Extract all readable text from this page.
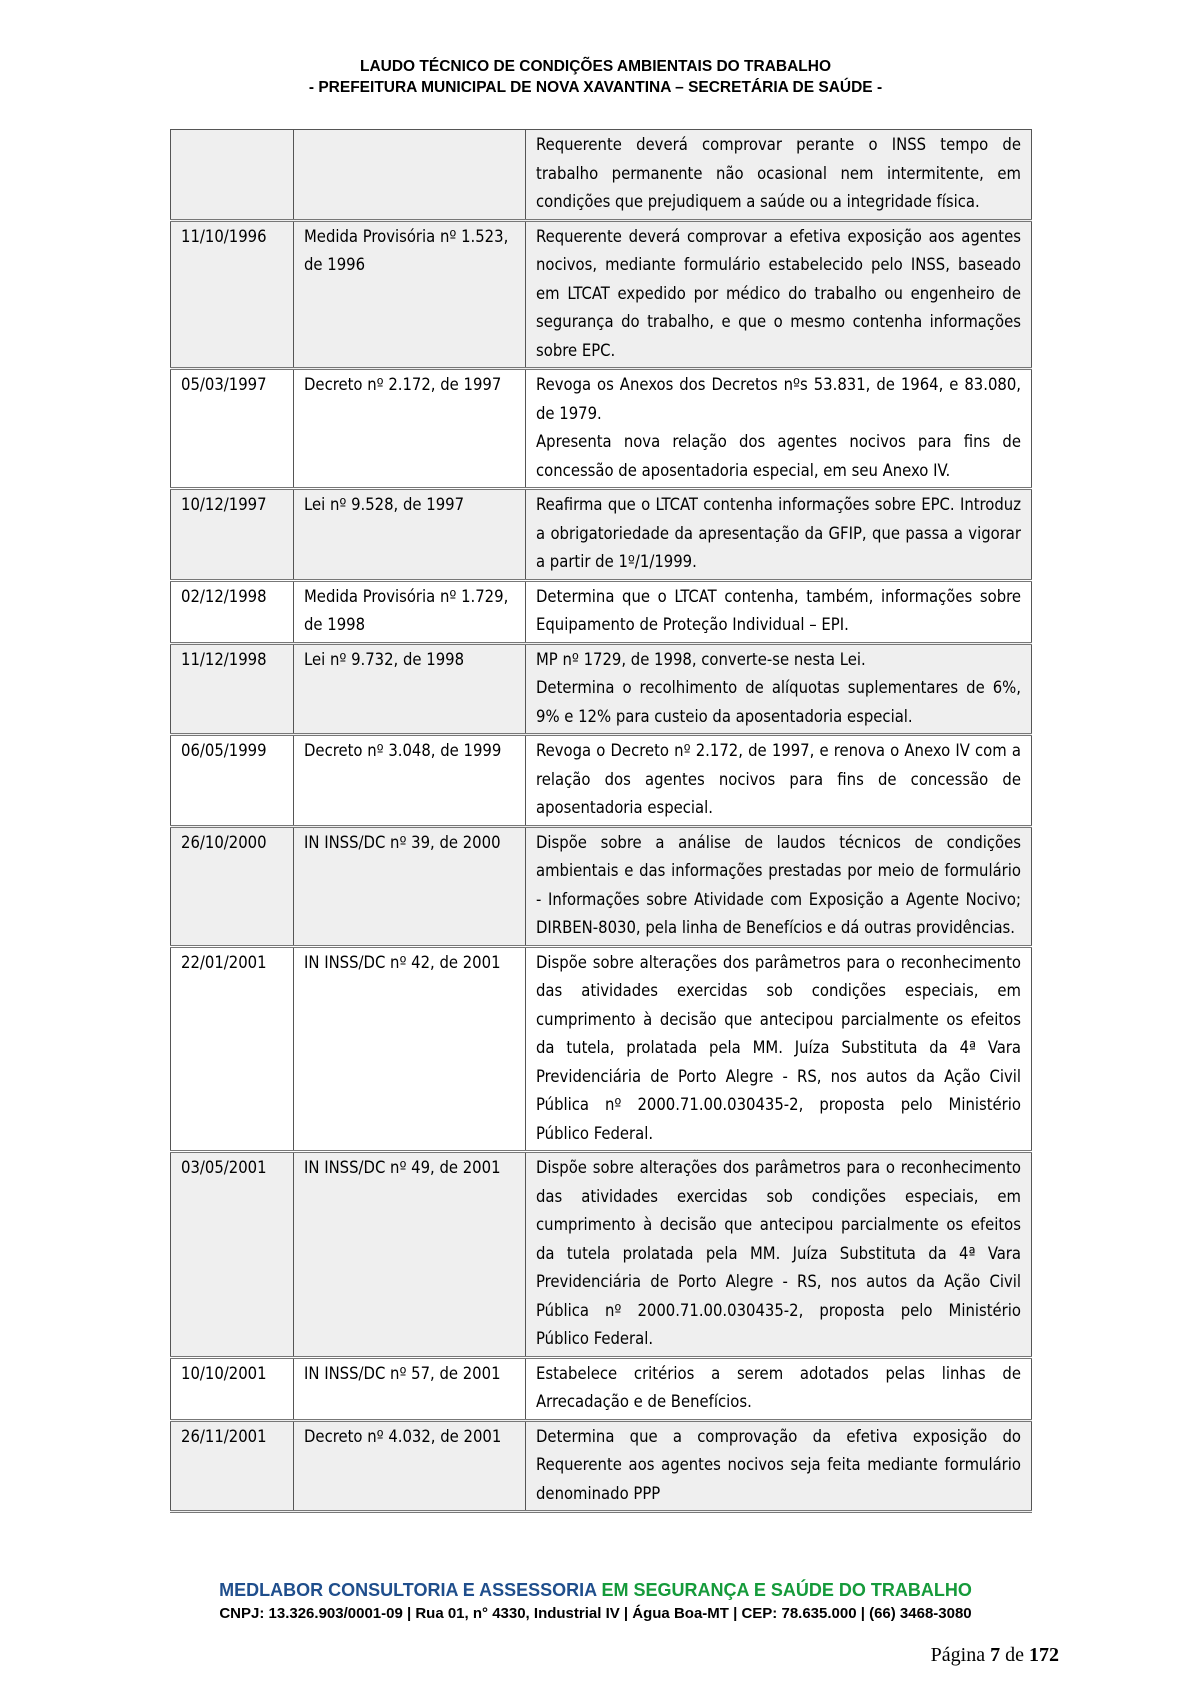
LAUDO TÉCNICO DE CONDIÇÕES AMBIENTAIS DO TRABALHO
- PREFEITURA MUNICIPAL DE NOVA XAVANTINA – SECRETÁRIA DE SAÚDE -
		Requerente deverá comprovar perante o INSS tempo de trabalho permanente não ocasional nem intermitente, em condições que prejudiquem a saúde ou a integridade física.
11/10/1996	Medida Provisória nº 1.523, de 1996	Requerente deverá comprovar a efetiva exposição aos agentes nocivos, mediante formulário estabelecido pelo INSS, baseado em LTCAT expedido por médico do trabalho ou engenheiro de segurança do trabalho, e que o mesmo contenha informações sobre EPC.
05/03/1997	Decreto nº 2.172, de 1997	Revoga os Anexos dos Decretos nºs 53.831, de 1964, e 83.080, de 1979.
Apresenta nova relação dos agentes nocivos para fins de concessão de aposentadoria especial, em seu Anexo IV.

10/12/1997	Lei nº 9.528, de 1997	Reafirma que o LTCAT contenha informações sobre EPC. Introduz a obrigatoriedade da apresentação da GFIP, que passa a vigorar a partir de 1º/1/1999.
02/12/1998	Medida Provisória nº 1.729, de 1998	Determina que o LTCAT contenha, também, informações sobre Equipamento de Proteção Individual – EPI.
11/12/1998	Lei nº 9.732, de 1998	MP nº 1729, de 1998, converte-se nesta Lei.
Determina o recolhimento de alíquotas suplementares de 6%, 9% e 12% para custeio da aposentadoria especial.

06/05/1999	Decreto nº 3.048, de 1999	Revoga o Decreto nº 2.172, de 1997, e renova o Anexo IV com a relação dos agentes nocivos para fins de concessão de aposentadoria especial.
26/10/2000	IN INSS/DC nº 39, de 2000	Dispõe sobre a análise de laudos técnicos de condições ambientais e das informações prestadas por meio de formulário - Informações sobre Atividade com Exposição a Agente Nocivo; DIRBEN-8030, pela linha de Benefícios e dá outras providências.
22/01/2001	IN INSS/DC nº 42, de 2001	Dispõe sobre alterações dos parâmetros para o reconhecimento das atividades exercidas sob condições especiais, em cumprimento à decisão que antecipou parcialmente os efeitos da tutela, prolatada pela MM. Juíza Substituta da 4ª Vara Previdenciária de Porto Alegre - RS, nos autos da Ação Civil Pública nº 2000.71.00.030435-2, proposta pelo Ministério Público Federal.
03/05/2001	IN INSS/DC nº 49, de 2001	Dispõe sobre alterações dos parâmetros para o reconhecimento das atividades exercidas sob condições especiais, em cumprimento à decisão que antecipou parcialmente os efeitos da tutela prolatada pela MM. Juíza Substituta da 4ª Vara Previdenciária de Porto Alegre - RS, nos autos da Ação Civil Pública nº 2000.71.00.030435-2, proposta pelo Ministério Público Federal.
10/10/2001	IN INSS/DC nº 57, de 2001	Estabelece critérios a serem adotados pelas linhas de Arrecadação e de Benefícios.
26/11/2001	Decreto nº 4.032, de 2001	Determina que a comprovação da efetiva exposição do Requerente aos agentes nocivos seja feita mediante formulário denominado PPP
MEDLABOR CONSULTORIA E ASSESSORIA EM SEGURANÇA E SAÚDE DO TRABALHO
CNPJ: 13.326.903/0001-09 | Rua 01, n° 4330, Industrial IV | Água Boa-MT | CEP: 78.635.000 | (66) 3468-3080
Página 7 de 172
